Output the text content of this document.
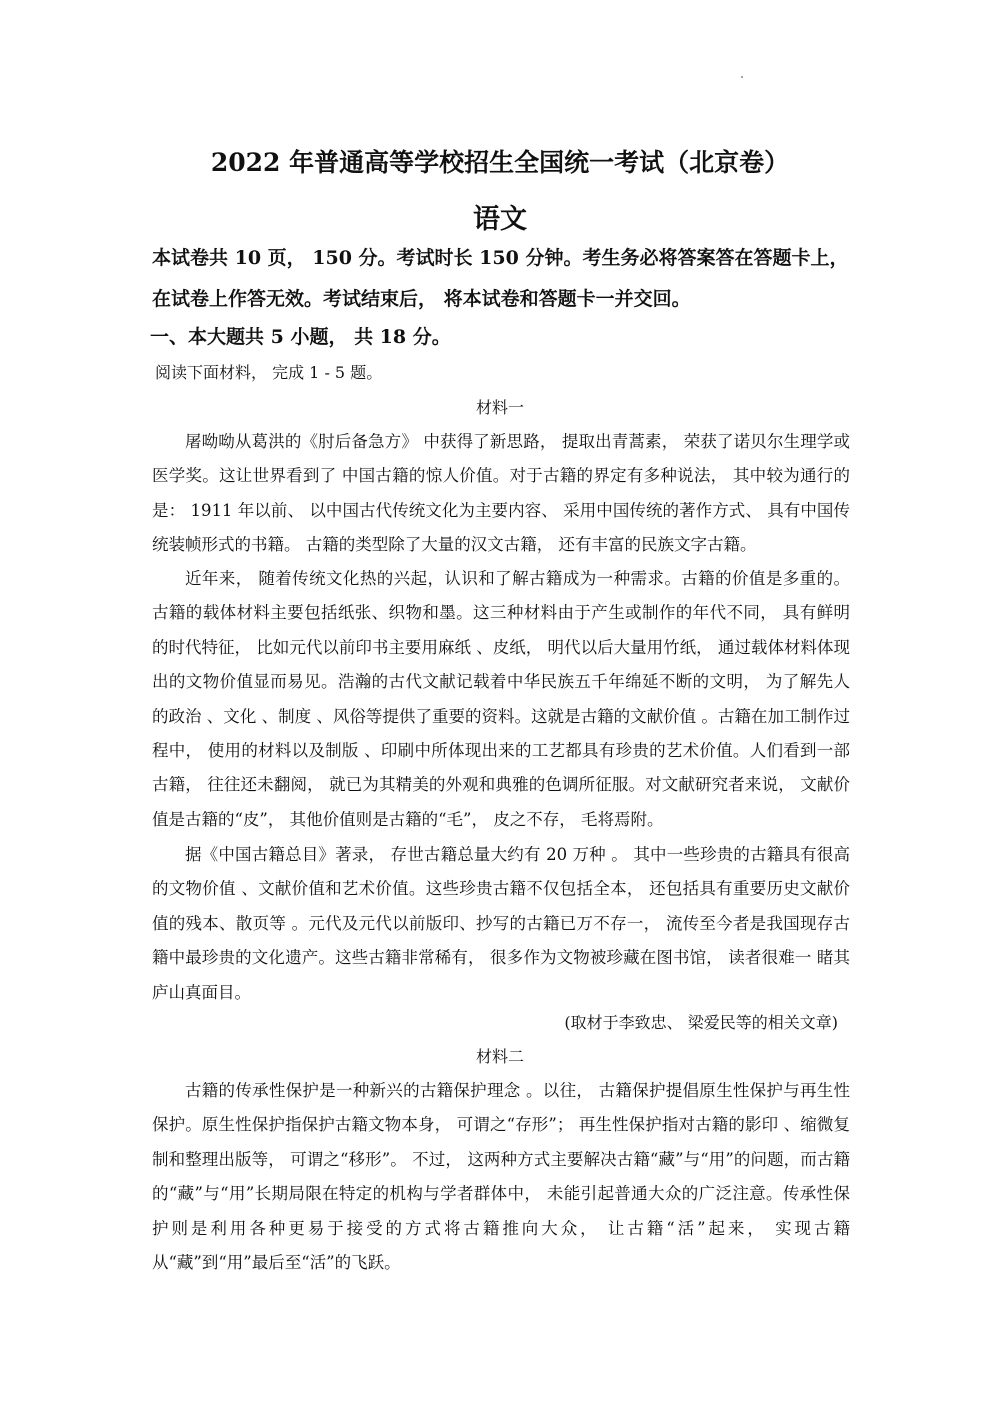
2022 年普通高等学校招生全国统一考试（北京卷）
语文
本试卷共 10 页， 150 分。考试时长 150 分钟。考生务必将答案答在答题卡上，
在试卷上作答无效。考试结束后， 将本试卷和答题卡一并交回。
一、本大题共 5 小题， 共 18 分。
阅读下面材料， 完成 1 - 5 题。
材料一

屠呦呦从葛洪的《肘后备急方》 中获得了新思路， 提取出青蒿素， 荣获了诺贝尔生理学或医学奖。这让世界看到了 中国古籍的惊人价值。对于古籍的界定有多种说法， 其中较为通行的是： 1911 年以前、 以中国古代传统文化为主要内容、 采用中国传统的著作方式、 具有中国传统装帧形式的书籍。 古籍的类型除了大量的汉文古籍， 还有丰富的民族文字古籍。

近年来， 随着传统文化热的兴起，认识和了解古籍成为一种需求。古籍的价值是多重的。古籍的载体材料主要包括纸张、织物和墨。这三种材料由于产生或制作的年代不同， 具有鲜明的时代特征， 比如元代以前印书主要用麻纸 、皮纸， 明代以后大量用竹纸， 通过载体材料体现出的文物价值显而易见。浩瀚的古代文献记载着中华民族五千年绵延不断的文明， 为了解先人的政治 、文化 、制度 、风俗等提供了重要的资料。这就是古籍的文献价值 。古籍在加工制作过程中， 使用的材料以及制版 、印刷中所体现出来的工艺都具有珍贵的艺术价值。人们看到一部古籍， 往往还未翻阅， 就已为其精美的外观和典雅的色调所征服。对文献研究者来说， 文献价值是古籍的“皮”， 其他价值则是古籍的“毛”， 皮之不存， 毛将焉附。

据《中国古籍总目》著录， 存世古籍总量大约有 20 万种 。 其中一些珍贵的古籍具有很高的文物价值 、文献价值和艺术价值。这些珍贵古籍不仅包括全本， 还包括具有重要历史文献价值的残本、散页等 。元代及元代以前版印、抄写的古籍已万不存一， 流传至今者是我国现存古籍中最珍贵的文化遗产。这些古籍非常稀有， 很多作为文物被珍藏在图书馆， 读者很难一 睹其庐山真面目。

(取材于李致忠、 梁爱民等的相关文章)
材料二

古籍的传承性保护是一种新兴的古籍保护理念 。以往， 古籍保护提倡原生性保护与再生性保护。原生性保护指保护古籍文物本身， 可谓之“存形”； 再生性保护指对古籍的影印 、缩微复制和整理出版等， 可谓之“移形”。 不过， 这两种方式主要解决古籍“藏”与“用”的问题，而古籍的“藏”与“用”长期局限在特定的机构与学者群体中， 未能引起普通大众的广泛注意。传承性保护则是利用各种更易于接受的方式将古籍推向大众， 让古籍“活”起来， 实现古籍从“藏”到“用”最后至“活”的飞跃。
